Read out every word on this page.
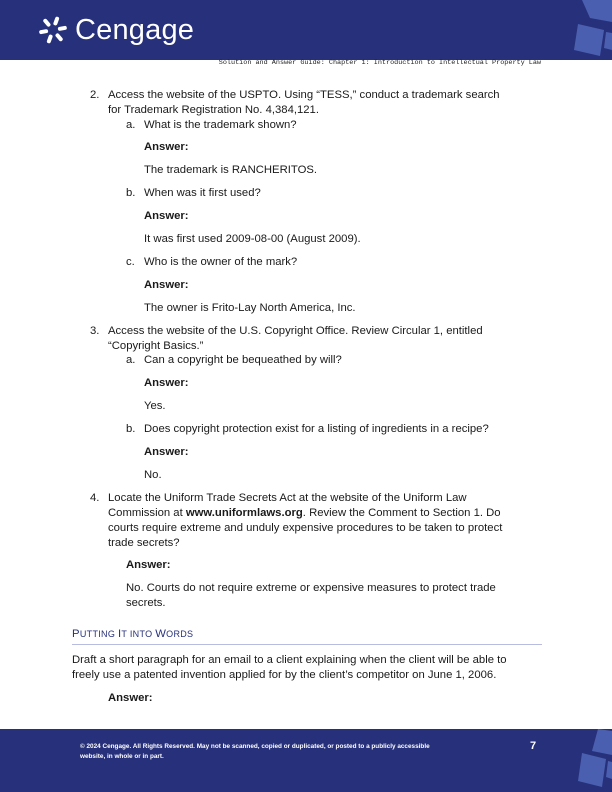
Cengage
Solution and Answer Guide: Chapter 1: Introduction to Intellectual Property Law
2. Access the website of the USPTO. Using “TESS,” conduct a trademark search
for Trademark Registration No. 4,384,121.
a. What is the trademark shown?
Answer:
The trademark is RANCHERITOS.
b. When was it first used?
Answer:
It was first used 2009-08-00 (August 2009).
c. Who is the owner of the mark?
Answer:
The owner is Frito-Lay North America, Inc.
3. Access the website of the U.S. Copyright Office. Review Circular 1, entitled
“Copyright Basics.”
a. Can a copyright be bequeathed by will?
Answer:
Yes.
b. Does copyright protection exist for a listing of ingredients in a recipe?
Answer:
No.
4. Locate the Uniform Trade Secrets Act at the website of the Uniform Law
Commission at www.uniformlaws.org. Review the Comment to Section 1. Do
courts require extreme and unduly expensive procedures to be taken to protect
trade secrets?
Answer:
No. Courts do not require extreme or expensive measures to protect trade
secrets.
PUTTING IT INTO WORDS
Draft a short paragraph for an email to a client explaining when the client will be able to
freely use a patented invention applied for by the client’s competitor on June 1, 2006.
Answer:
© 2024 Cengage. All Rights Reserved. May not be scanned, copied or duplicated, or posted to a publicly accessible
website, in whole or in part.
7
